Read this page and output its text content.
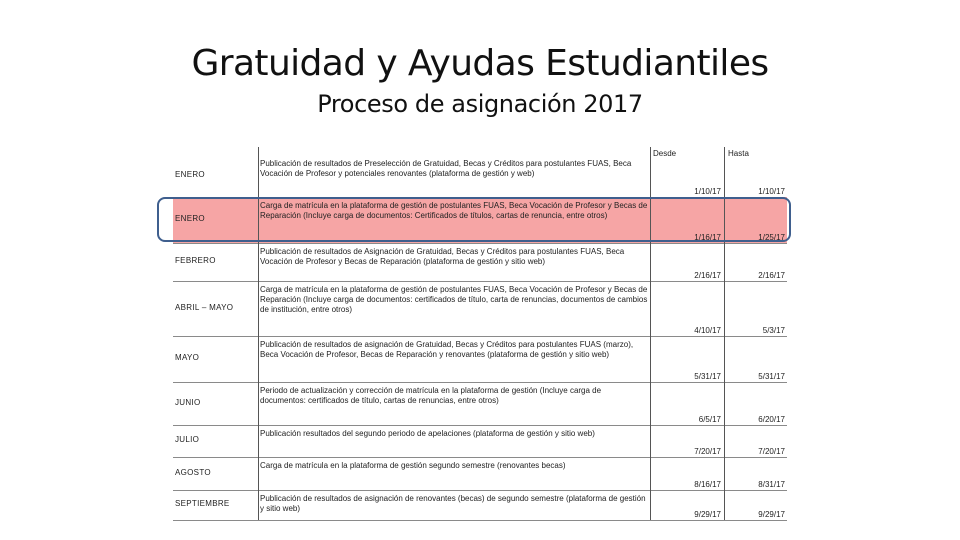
Gratuidad y Ayudas Estudiantiles
Proceso de asignación 2017
Desde	Hasta
ENERO
Publicación de resultados de Preselección de Gratuidad, Becas y Créditos para postulantes FUAS, Beca Vocación de Profesor y potenciales renovantes (plataforma de gestión y web)
1/10/17	1/10/17
ENERO
Carga de matrícula en la plataforma de gestión de postulantes FUAS, Beca Vocación de Profesor y Becas de Reparación (Incluye carga de documentos: Certificados de títulos, cartas de renuncia, entre otros)
1/16/17	1/25/17
FEBRERO
Publicación de resultados de Asignación de Gratuidad, Becas y Créditos para postulantes FUAS, Beca Vocación de Profesor y Becas de Reparación (plataforma de gestión y sitio web)
2/16/17	2/16/17
ABRIL – MAYO
Carga de matrícula en la plataforma de gestión de postulantes FUAS, Beca Vocación de Profesor y Becas de Reparación (Incluye carga de documentos: certificados de título, carta de renuncias, documentos de cambios de institución, entre otros)
4/10/17	5/3/17
MAYO
Publicación de resultados de asignación de Gratuidad, Becas y Créditos para postulantes FUAS (marzo), Beca Vocación de Profesor, Becas de Reparación y renovantes (plataforma de gestión y sitio web)
5/31/17	5/31/17
JUNIO
Periodo de actualización y corrección de matrícula en la plataforma de gestión (Incluye carga de documentos: certificados de título, cartas de renuncias, entre otros)
6/5/17	6/20/17
JULIO
Publicación resultados del segundo periodo de apelaciones (plataforma de gestión y sitio web)
7/20/17	7/20/17
AGOSTO
Carga de matrícula en la plataforma de gestión segundo semestre (renovantes becas)
8/16/17	8/31/17
SEPTIEMBRE
Publicación de resultados de asignación de renovantes (becas) de segundo semestre (plataforma de gestión y sitio web)
9/29/17	9/29/17
